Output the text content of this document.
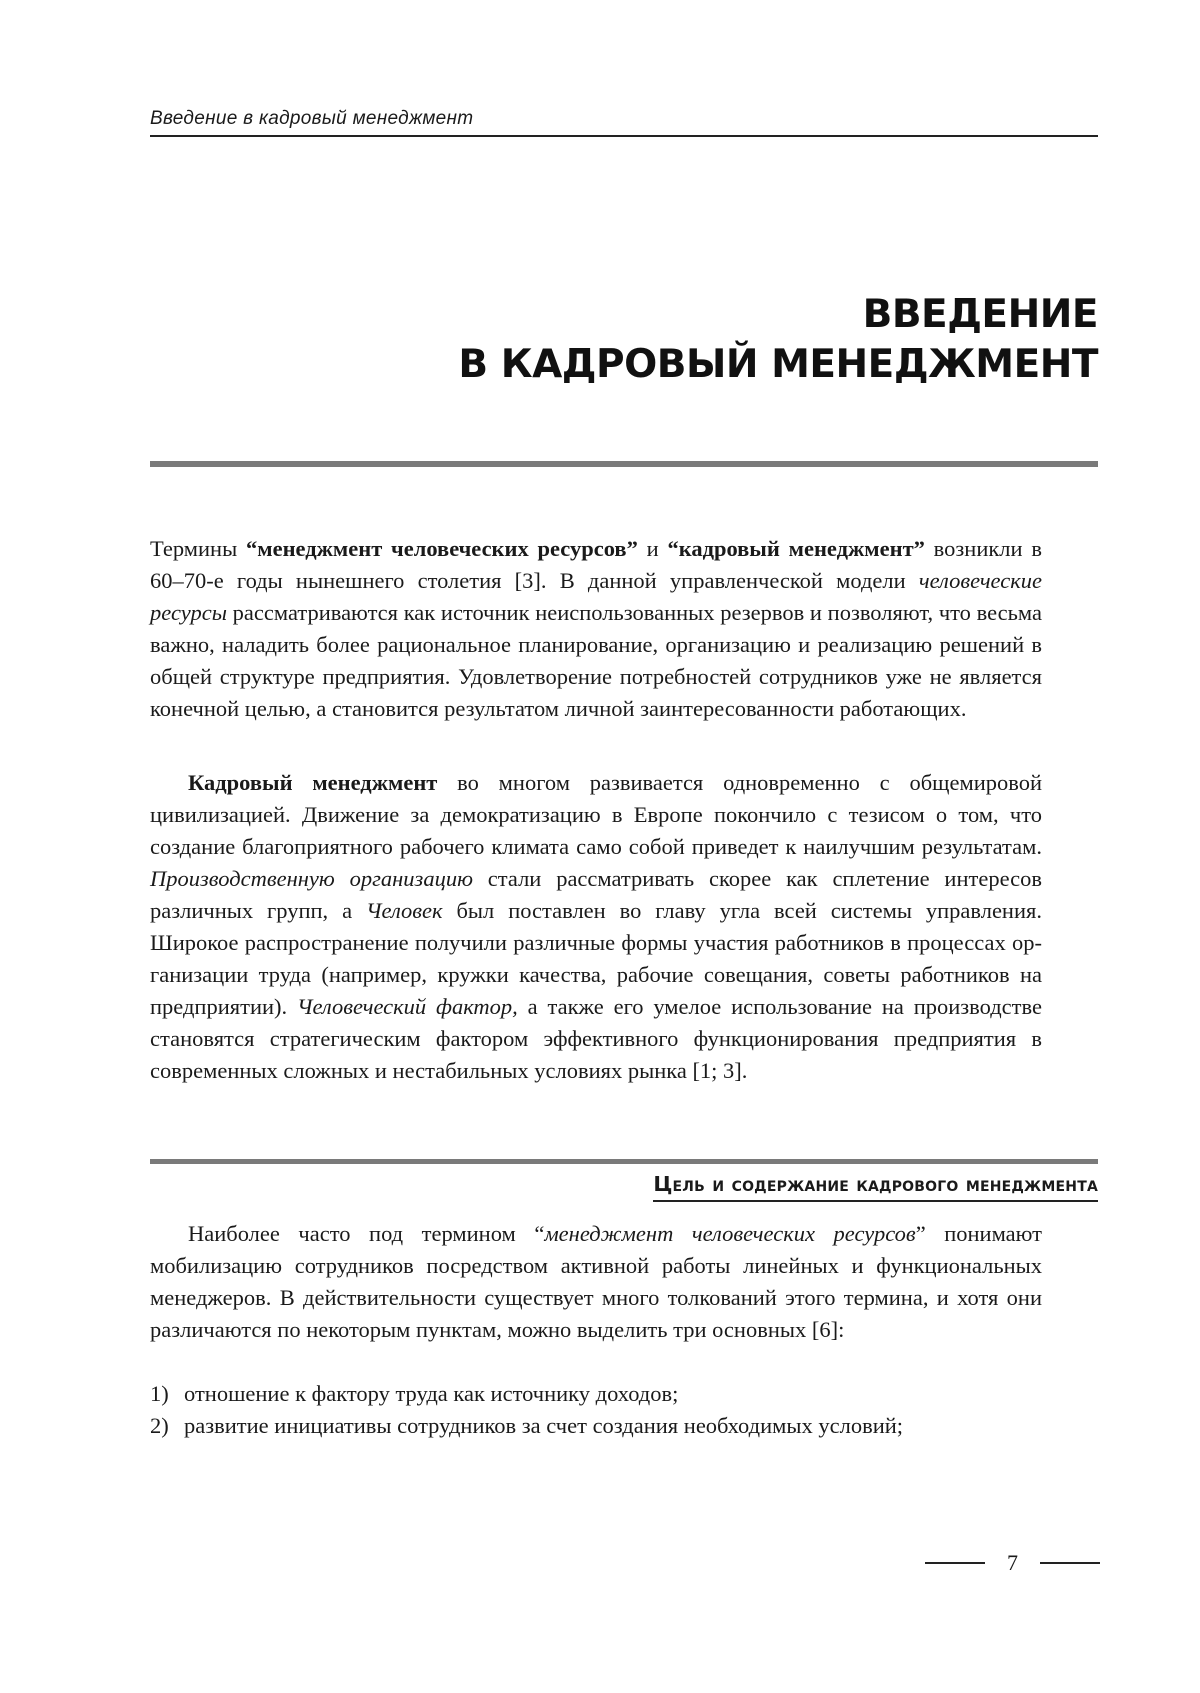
Введение в кадровый менеджмент
ВВЕДЕНИЕ
В КАДРОВЫЙ МЕНЕДЖМЕНТ

Термины “менеджмент человеческих ресурсов” и “кадровый менеджмент” возникли в 60–70-е годы нынешнего столетия [3]. В данной управленческой модели человеческие ресурсы рассматриваются как источник неиспользованных резервов и позволяют, что весьма важно, наладить более рациональное планирование, организацию и реализацию решений в общей структуре предприятия. Удовлетворение потребностей сотрудников уже не является конечной целью, а становится результатом личной заинтересованности работающих.

Кадровый менеджмент во многом развивается одновременно с общемировой цивилизацией. Движение за демократизацию в Европе покончило с тезисом о том, что создание благоприятного рабочего климата само собой приведет к наилучшим результатам. Производственную организацию стали рассматривать скорее как сплетение интересов различных групп, а Человек был поставлен во главу угла всей системы управления. Широкое распространение получили различные формы участия работников в процессах организации труда (например, кружки качества, рабочие совещания, советы работников на предприятии). Человеческий фактор, а также его умелое использование на производстве становятся стратегическим фактором эффективного функционирования предприятия в современных сложных и нестабильных условиях рынка [1; 3].

Цель и содержание кадрового менеджмента

Наиболее часто под термином “менеджмент человеческих ресурсов” понимают мобилизацию сотрудников посредством активной работы линейных и функциональных менеджеров. В действительности существует много толкований этого термина, и хотя они различаются по некоторым пунктам, можно выделить три основных [6]:

1) отношение к фактору труда как источнику доходов;
2) развитие инициативы сотрудников за счет создания необходимых условий;
7
